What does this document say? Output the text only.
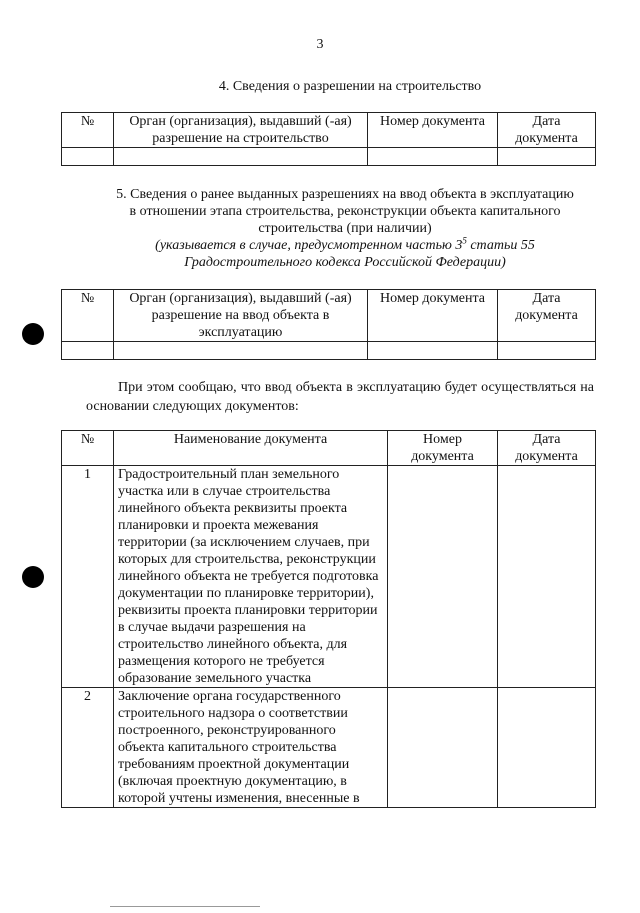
3

4. Сведения о разрешении на строительство

№	Орган (организация), выдавший (-ая) разрешение на строительство	Номер документа	Дата документа

5. Сведения о ранее выданных разрешениях на ввод объекта в эксплуатацию
в отношении этапа строительства, реконструкции объекта капитального
строительства (при наличии)
(указывается в случае, предусмотренном частью $3^5$ статьи 55
Градостроительного кодекса Российской Федерации)
№	Орган (организация), выдавший (-ая) разрешение на ввод объекта в эксплуатацию	Номер документа	Дата документа

При этом сообщаю, что ввод объекта в эксплуатацию будет осуществляться на основании следующих документов:

№	Наименование документа	Номер документа	Дата документа
1	Градостроительный план земельного участка или в случае строительства линейного объекта реквизиты проекта планировки и проекта межевания территории (за исключением случаев, при которых для строительства, реконструкции линейного объекта не требуется подготовка документации по планировке территории), реквизиты проекта планировки территории в случае выдачи разрешения на строительство линейного объекта, для размещения которого не требуется образование земельного участка		
2	Заключение органа государственного строительного надзора о соответствии построенного, реконструированного объекта капитального строительства требованиям проектной документации (включая проектную документацию, в которой учтены изменения, внесенные в		
